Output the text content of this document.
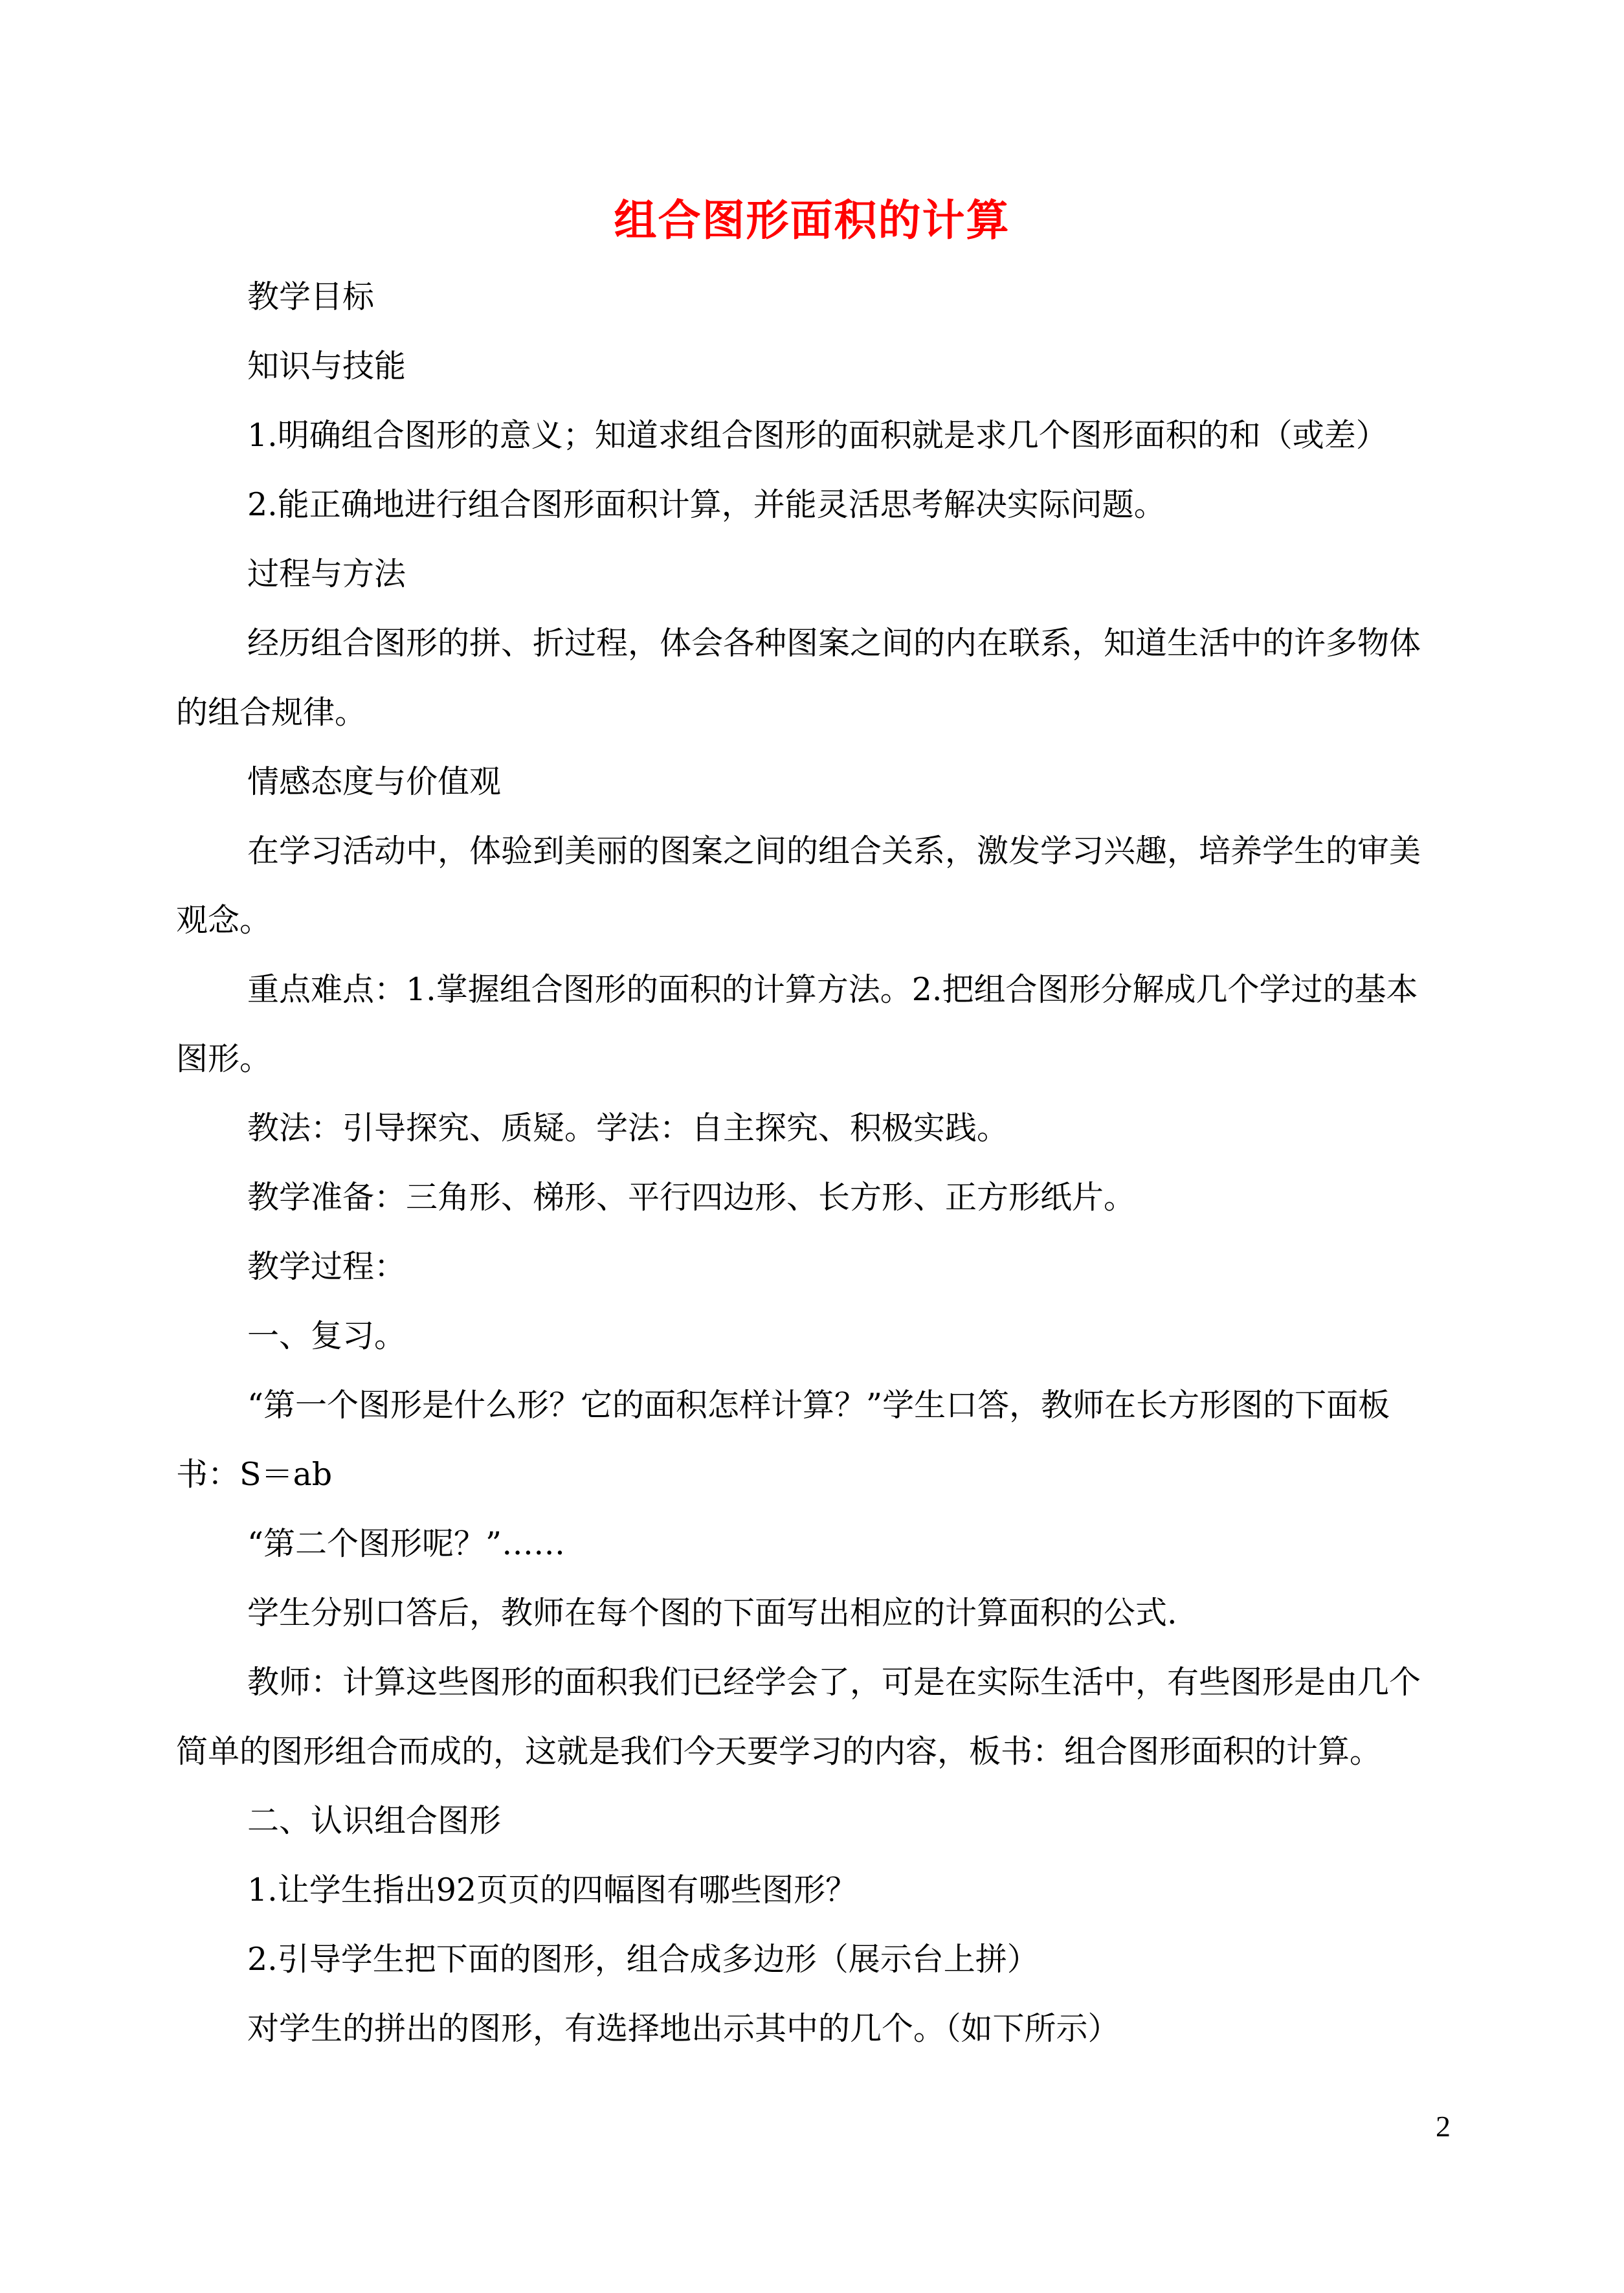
组合图形面积的计算

教学目标

知识与技能

1.明确组合图形的意义；知道求组合图形的面积就是求几个图形面积的和（或差）

2.能正确地进行组合图形面积计算，并能灵活思考解决实际问题。

过程与方法

经历组合图形的拼、折过程，体会各种图案之间的内在联系，知道生活中的许多物体的组合规律。

情感态度与价值观

在学习活动中，体验到美丽的图案之间的组合关系，激发学习兴趣，培养学生的审美观念。

重点难点：1.掌握组合图形的面积的计算方法。2.把组合图形分解成几个学过的基本图形。

教法：引导探究、质疑。学法：自主探究、积极实践。

教学准备：三角形、梯形、平行四边形、长方形、正方形纸片。

教学过程：

一、复习。

“第一个图形是什么形？它的面积怎样计算？”学生口答，教师在长方形图的下面板书：S＝ab

“第二个图形呢？”……

学生分别口答后，教师在每个图的下面写出相应的计算面积的公式.

教师：计算这些图形的面积我们已经学会了，可是在实际生活中，有些图形是由几个简单的图形组合而成的，这就是我们今天要学习的内容，板书：组合图形面积的计算。

二、认识组合图形

1.让学生指出92页页的四幅图有哪些图形？

2.引导学生把下面的图形，组合成多边形（展示台上拼）

对学生的拼出的图形，有选择地出示其中的几个。（如下所示）

2
